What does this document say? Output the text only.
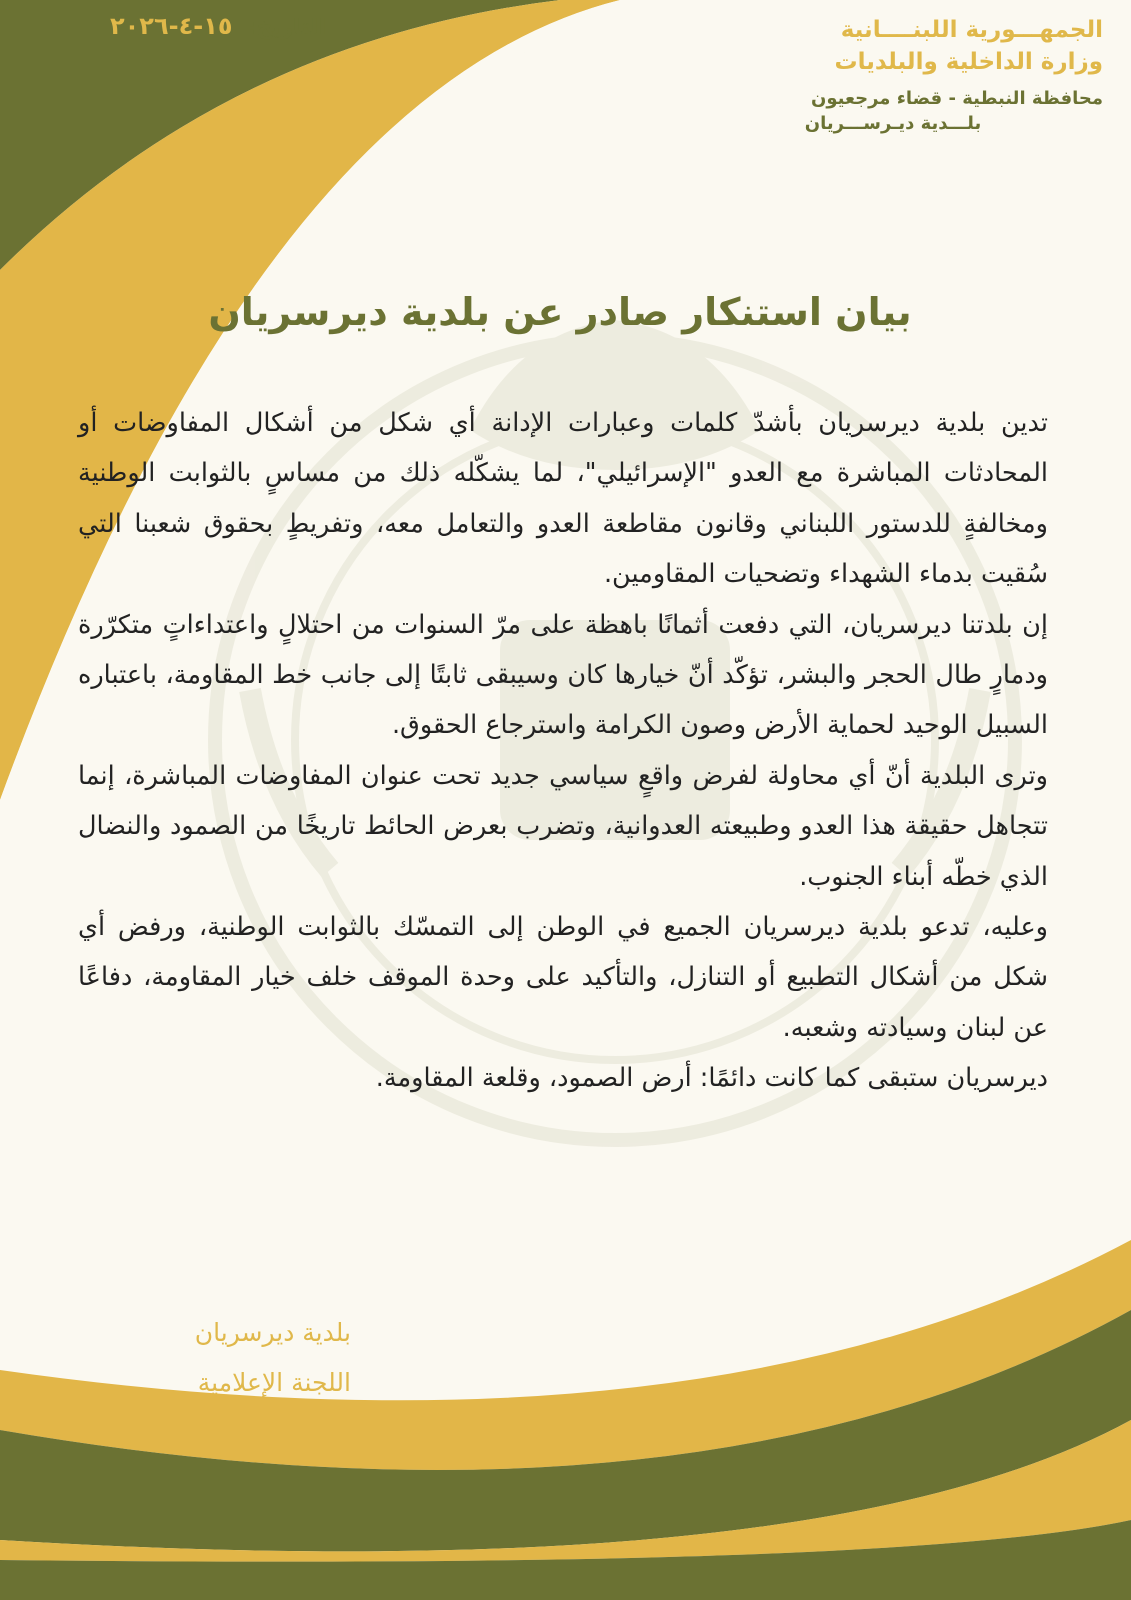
الجمهـــورية اللبنــــانية
وزارة الداخلية والبلديات
محافظة النبطية - قضاء مرجعيون
بلـــدية ديـرســـريان
التاريخ: ١٥-٤-٢٠٢٦
بيان استنكار صادر عن بلدية ديرسريان

تدين بلدية ديرسريان بأشدّ كلمات وعبارات الإدانة أي شكل من أشكال المفاوضات أو المحادثات المباشرة مع العدو "الإسرائيلي"، لما يشكّله ذلك من مساسٍ بالثوابت الوطنية ومخالفةٍ للدستور اللبناني وقانون مقاطعة العدو والتعامل معه، وتفريطٍ بحقوق شعبنا التي سُقيت بدماء الشهداء وتضحيات المقاومين.

إن بلدتنا ديرسريان، التي دفعت أثمانًا باهظة على مرّ السنوات من احتلالٍ واعتداءاتٍ متكرّرة ودمارٍ طال الحجر والبشر، تؤكّد أنّ خيارها كان وسيبقى ثابتًا إلى جانب خط المقاومة، باعتباره السبيل الوحيد لحماية الأرض وصون الكرامة واسترجاع الحقوق.

وترى البلدية أنّ أي محاولة لفرض واقعٍ سياسي جديد تحت عنوان المفاوضات المباشرة، إنما تتجاهل حقيقة هذا العدو وطبيعته العدوانية، وتضرب بعرض الحائط تاريخًا من الصمود والنضال الذي خطّه أبناء الجنوب.

وعليه، تدعو بلدية ديرسريان الجميع في الوطن إلى التمسّك بالثوابت الوطنية، ورفض أي شكل من أشكال التطبيع أو التنازل، والتأكيد على وحدة الموقف خلف خيار المقاومة، دفاعًا عن لبنان وسيادته وشعبه.

ديرسريان ستبقى كما كانت دائمًا: أرض الصمود، وقلعة المقاومة.

بلدية ديرسريان
اللجنة الإعلامية
